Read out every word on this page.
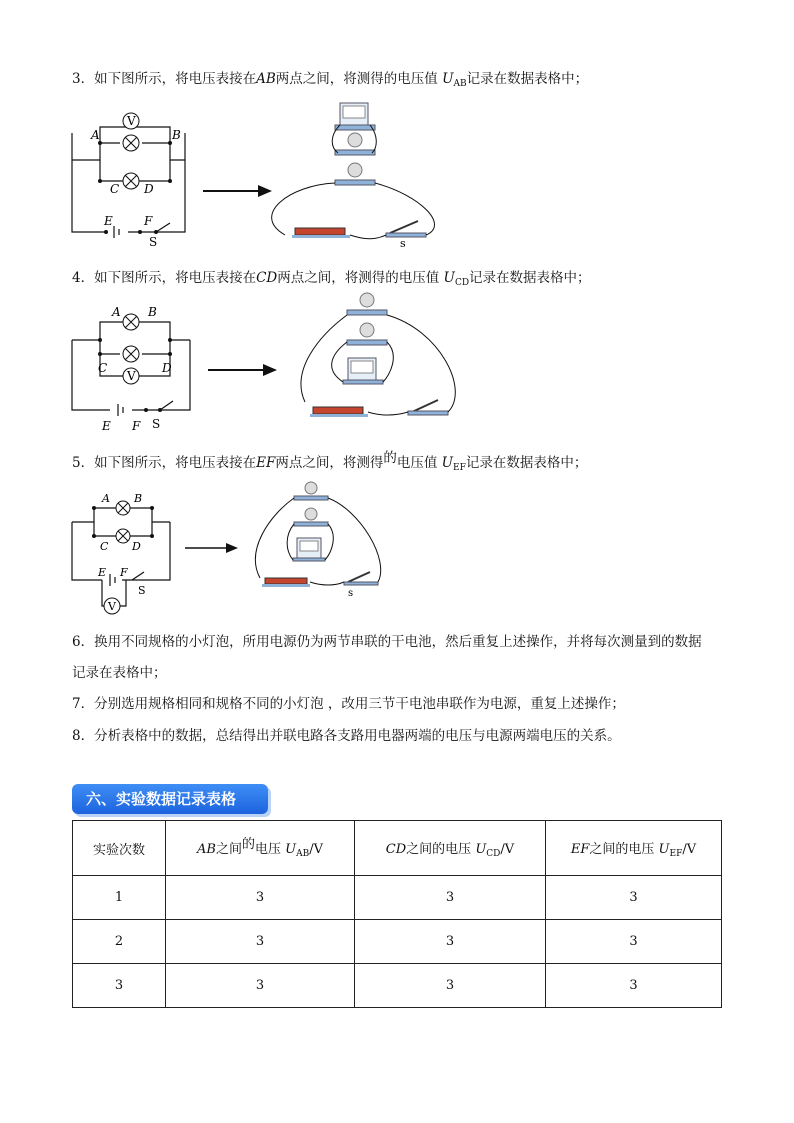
3．如下图所示，将电压表接在AB两点之间，将测得的电压值 $U_{AB}$记录在数据表格中；
V
A	B
C D
E	F
S	s
4．如下图所示，将电压表接在CD两点之间，将测得的电压值 $U_{CD}$记录在数据表格中；
A B
C	D
V
E F S
5．如下图所示，将电压表接在EF两点之间，将测得的电压值 $U_{EF}$记录在数据表格中；
A B
C D
E F
V
S	s
6．换用不同规格的小灯泡，所用电源仍为两节串联的干电池，然后重复上述操作，并将每次测量到的数据
记录在表格中；
7．分别选用规格相同和规格不同的小灯泡 ，改用三节干电池串联作为电源，重复上述操作；
8．分析表格中的数据，总结得出并联电路各支路用电器两端的电压与电源两端电压的关系。
六、实验数据记录表格
实验次数	AB之间的电压 $U_{AB}/V$	CD之间的电压 $U_{CD}/V$	EF之间的电压 $U_{EF}/V$
1	3	3	3
2	3	3	3
3	3	3	3
